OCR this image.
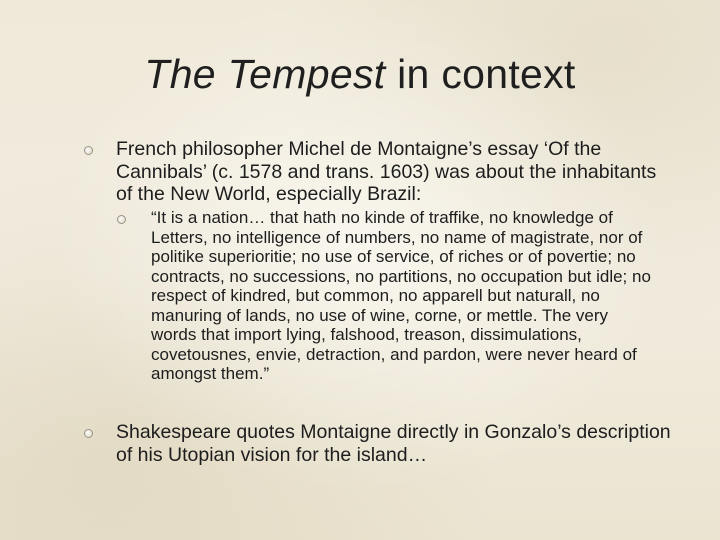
The Tempest in context
French philosopher Michel de Montaigne’s essay ‘Of the Cannibals’ (c. 1578 and trans. 1603) was about the inhabitants of the New World, especially Brazil:
“It is a nation… that hath no kinde of traffike, no knowledge of Letters, no intelligence of numbers, no name of magistrate, nor of politike superioritie; no use of service, of riches or of povertie; no contracts, no successions, no partitions, no occupation but idle; no respect of kindred, but common, no apparell but naturall, no manuring of lands, no use of wine, corne, or mettle. The very words that import lying, falshood, treason, dissimulations, covetousnes, envie, detraction, and pardon, were never heard of amongst them.”
Shakespeare quotes Montaigne directly in Gonzalo’s description of his Utopian vision for the island…
